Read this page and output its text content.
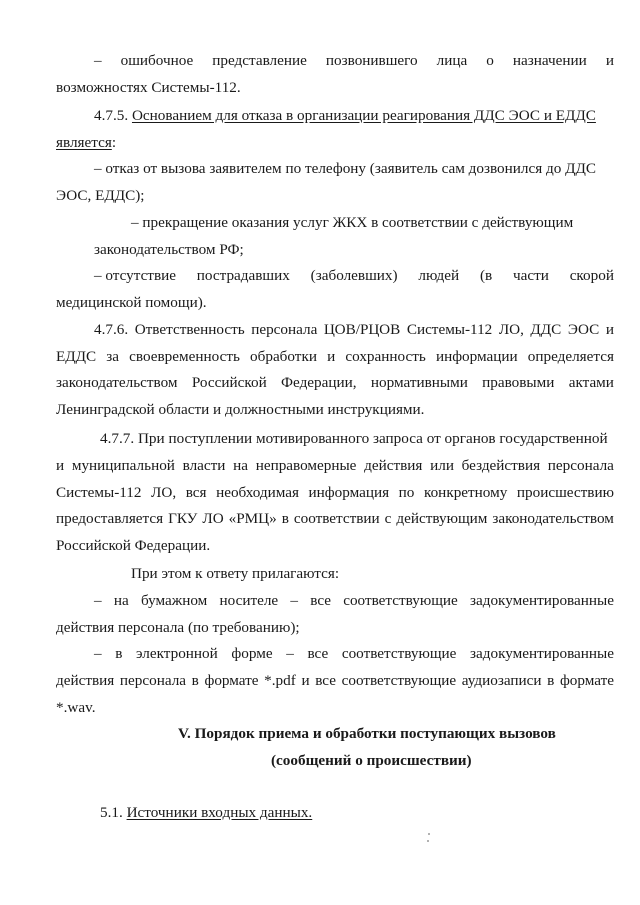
– ошибочное представление позвонившего лица о назначении и
возможностях Системы-112.
4.7.5. Основанием для отказа в организации реагирования ДДС ЭОС и ЕДДС
является:
– отказ от вызова заявителем по телефону (заявитель сам дозвонился до ДДС
ЭОС, ЕДДС);
– прекращение оказания услуг ЖКХ в соответствии с действующим
законодательством РФ;
– отсутствие пострадавших (заболевших) людей (в части скорой
медицинской помощи).
4.7.6. Ответственность персонала ЦОВ/РЦОВ Системы-112 ЛО, ДДС ЭОС и
ЕДДС за своевременность обработки и сохранность информации определяется
законодательством Российской Федерации, нормативными правовыми актами
Ленинградской области и должностными инструкциями.
4.7.7. При поступлении мотивированного запроса от органов государственной
и муниципальной власти на неправомерные действия или бездействия персонала
Системы-112 ЛО, вся необходимая информация по конкретному происшествию
предоставляется ГКУ ЛО «РМЦ» в соответствии с действующим законодательством
Российской Федерации.
При этом к ответу прилагаются:
– на бумажном носителе – все соответствующие задокументированные
действия персонала (по требованию);
– в электронной форме – все соответствующие задокументированные
действия персонала в формате *.pdf и все соответствующие аудиозаписи в формате
*.wav.
V. Порядок приема и обработки поступающих вызовов
(сообщений о происшествии)
5.1. Источники входных данных.
